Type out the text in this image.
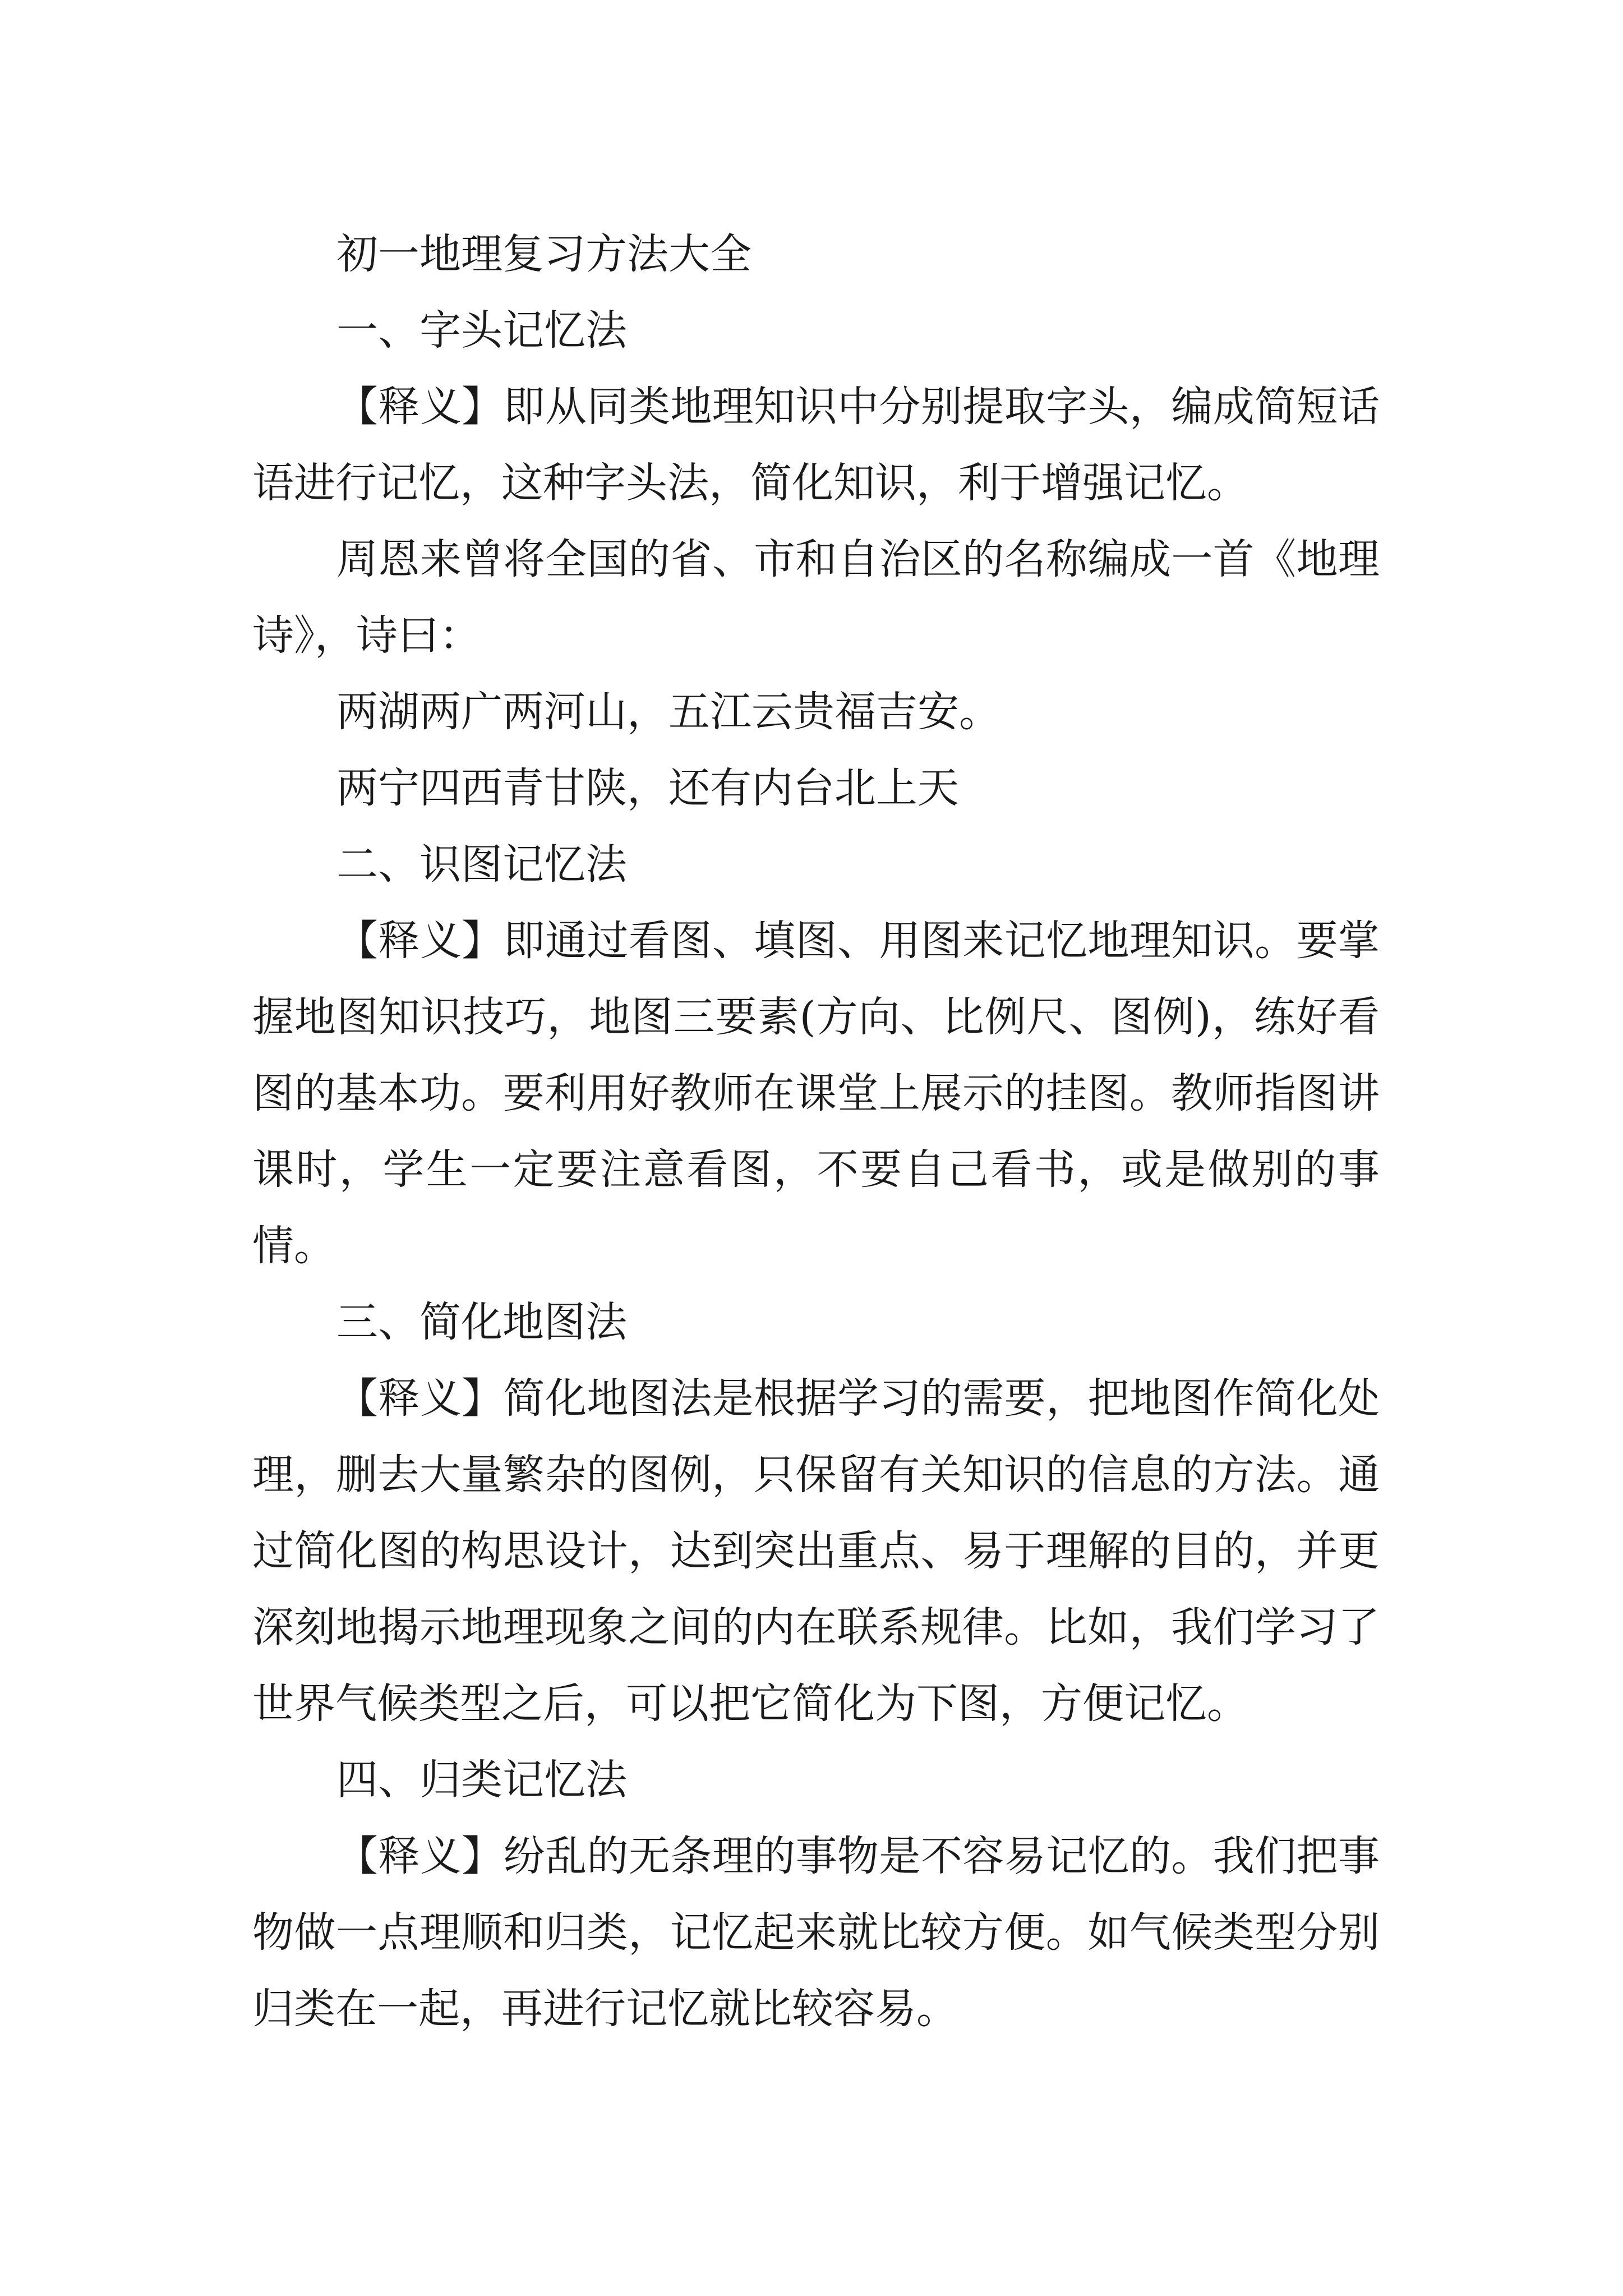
初一地理复习方法大全

一、字头记忆法

【释义】即从同类地理知识中分别提取字头，编成简短话语进行记忆，这种字头法，简化知识，利于增强记忆。

周恩来曾将全国的省、市和自治区的名称编成一首《地理诗》，诗曰：

两湖两广两河山，五江云贵福吉安。

两宁四西青甘陕，还有内台北上天

二、识图记忆法

【释义】即通过看图、填图、用图来记忆地理知识。要掌握地图知识技巧，地图三要素(方向、比例尺、图例)，练好看图的基本功。要利用好教师在课堂上展示的挂图。教师指图讲课时，学生一定要注意看图，不要自己看书，或是做别的事情。

三、简化地图法

【释义】简化地图法是根据学习的需要，把地图作简化处理，删去大量繁杂的图例，只保留有关知识的信息的方法。通过简化图的构思设计，达到突出重点、易于理解的目的，并更深刻地揭示地理现象之间的内在联系规律。比如，我们学习了世界气候类型之后，可以把它简化为下图，方便记忆。

四、归类记忆法

【释义】纷乱的无条理的事物是不容易记忆的。我们把事物做一点理顺和归类，记忆起来就比较方便。如气候类型分别归类在一起，再进行记忆就比较容易。
